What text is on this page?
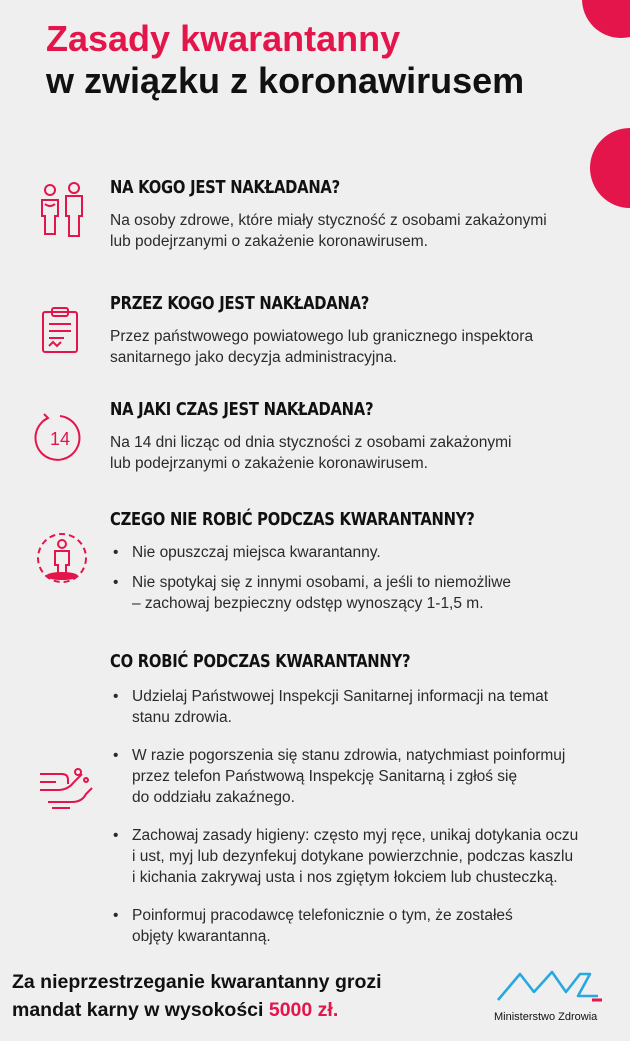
Zasady kwarantanny
w związku z koronawirusem
NA KOGO JEST NAKŁADANA?
Na osoby zdrowe, które miały styczność z osobami zakażonymi
lub podejrzanymi o zakażenie koronawirusem.
PRZEZ KOGO JEST NAKŁADANA?
Przez państwowego powiatowego lub granicznego inspektora
sanitarnego jako decyzja administracyjna.
14
NA JAKI CZAS JEST NAKŁADANA?
Na 14 dni licząc od dnia styczności z osobami zakażonymi
lub podejrzanymi o zakażenie koronawirusem.
CZEGO NIE ROBIĆ PODCZAS KWARANTANNY?
• Nie opuszczaj miejsca kwarantanny.
• Nie spotykaj się z innymi osobami, a jeśli to niemożliwe
– zachowaj bezpieczny odstęp wynoszący 1-1,5 m.
CO ROBIĆ PODCZAS KWARANTANNY?
• Udzielaj Państwowej Inspekcji Sanitarnej informacji na temat
stanu zdrowia.
• W razie pogorszenia się stanu zdrowia, natychmiast poinformuj
przez telefon Państwową Inspekcję Sanitarną i zgłoś się
do oddziału zakaźnego.
• Zachowaj zasady higieny: często myj ręce, unikaj dotykania oczu
i ust, myj lub dezynfekuj dotykane powierzchnie, podczas kaszlu
i kichania zakrywaj usta i nos zgiętym łokciem lub chusteczką.
• Poinformuj pracodawcę telefonicznie o tym, że zostałeś
objęty kwarantanną.
Za nieprzestrzeganie kwarantanny grozi
mandat karny w wysokości 5000 zł.	Ministerstwo Zdrowia
